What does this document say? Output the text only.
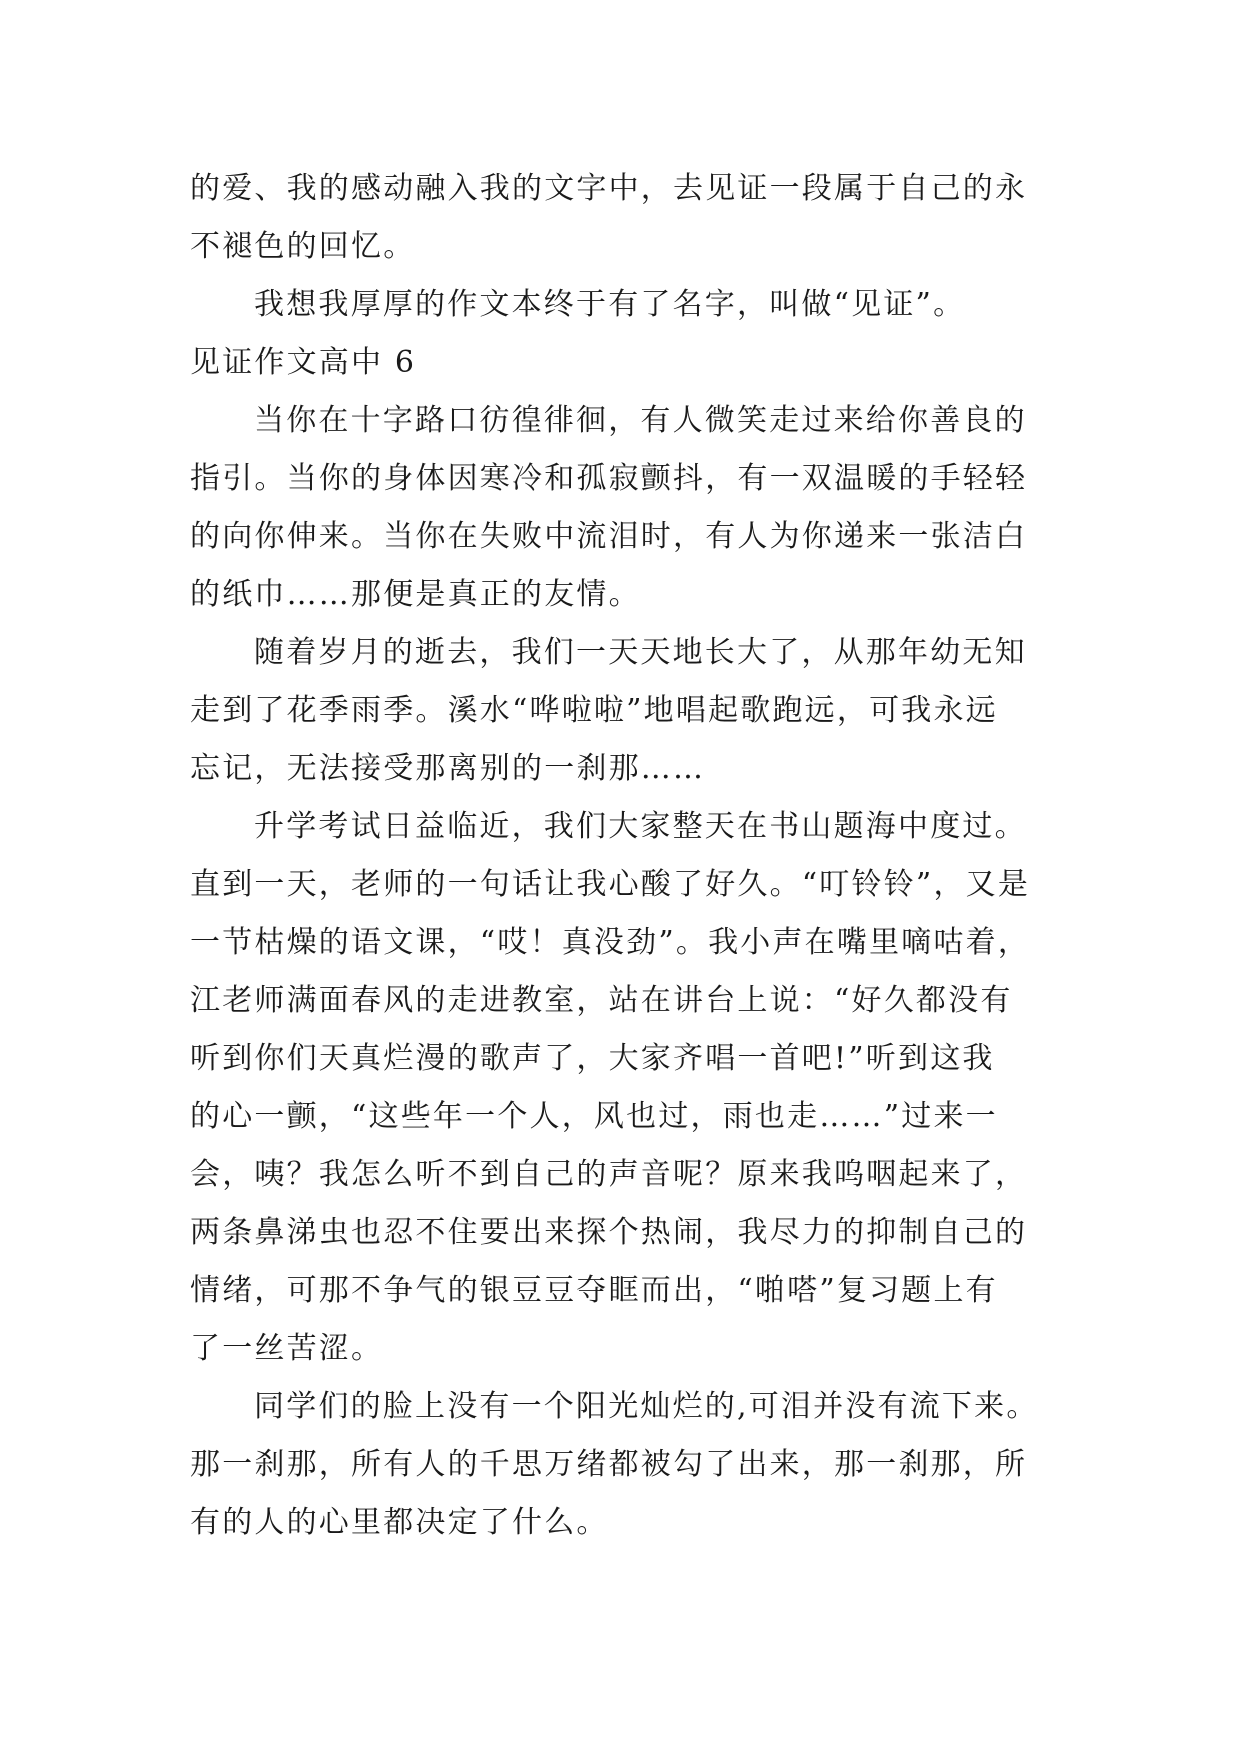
的爱、我的感动融入我的文字中，去见证一段属于自己的永
不褪色的回忆。
我想我厚厚的作文本终于有了名字，叫做“见证”。
见证作文高中 6
当你在十字路口彷徨徘徊，有人微笑走过来给你善良的
指引。当你的身体因寒冷和孤寂颤抖，有一双温暖的手轻轻
的向你伸来。当你在失败中流泪时，有人为你递来一张洁白
的纸巾……那便是真正的友情。
随着岁月的逝去，我们一天天地长大了，从那年幼无知
走到了花季雨季。溪水“哗啦啦”地唱起歌跑远，可我永远
忘记，无法接受那离别的一刹那……
升学考试日益临近，我们大家整天在书山题海中度过。
直到一天，老师的一句话让我心酸了好久。“叮铃铃”，又是
一节枯燥的语文课，“哎！真没劲”。我小声在嘴里嘀咕着，
江老师满面春风的走进教室，站在讲台上说：“好久都没有
听到你们天真烂漫的歌声了，大家齐唱一首吧!”听到这我
的心一颤，“这些年一个人，风也过，雨也走……”过来一
会，咦？我怎么听不到自己的声音呢？原来我呜咽起来了，
两条鼻涕虫也忍不住要出来探个热闹，我尽力的抑制自己的
情绪，可那不争气的银豆豆夺眶而出，“啪嗒”复习题上有
了一丝苦涩。
同学们的脸上没有一个阳光灿烂的,可泪并没有流下来。
那一刹那，所有人的千思万绪都被勾了出来，那一刹那，所
有的人的心里都决定了什么。
